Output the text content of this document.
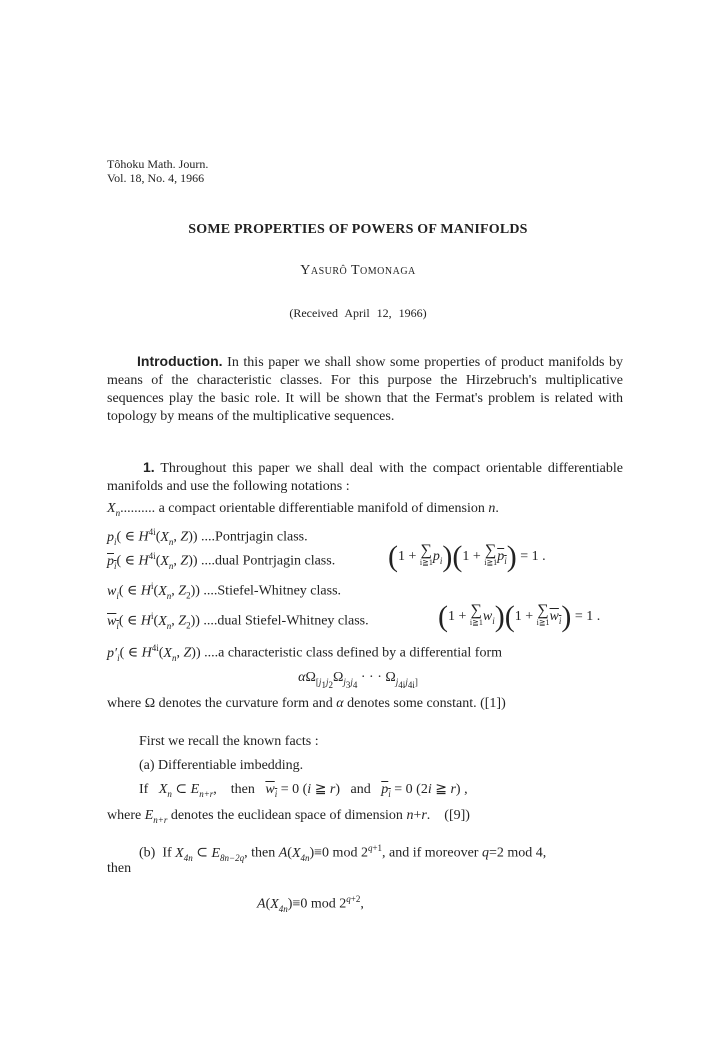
Tôhoku Math. Journ.
Vol. 18, No. 4, 1966
SOME PROPERTIES OF POWERS OF MANIFOLDS
Yasurô Tomonaga
(Received April 12, 1966)
Introduction. In this paper we shall show some properties of product manifolds by means of the characteristic classes. For this purpose the Hirzebruch's multiplicative sequences play the basic role. It will be shown that the Fermat's problem is related with topology by means of the multiplicative sequences.
1. Throughout this paper we shall deal with the compact orientable differentiable manifolds and use the following notations :
$X_n$.......... a compact orientable differentiable manifold of dimension n.
$p_i$( ∈ $H^{4i}(X_n$, Z)) ....Pontrjagin class.
$p_i$( ∈ $H^{4i}(X_n$, Z)) ....dual Pontrjagin class. (1 + ∑
i≧1 $p_i)(1$ + ∑
i≧1 $p_i) = 1$ .
$w_i$( ∈ $H^i(X_n$, $Z_2$)) ....Stiefel-Whitney class.
$w_i$( ∈ $H^i(X_n$, $Z_2$)) ....dual Stiefel-Whitney class. (1 + ∑
i≧1 $w_i)(1$ + ∑
i≧1 $w_i) = 1$ .
$p'_i$( ∈ $H^{4i}(X_n$, Z)) ....a characteristic class defined by a differential form
$\alpha\Omega_{[j_1j_2}\Omega_{j_3j_4}$ · · · $\Omega_{j_{4i}j_{4i}]}$
where Ω denotes the curvature form and α denotes some constant. ([1])
First we recall the known facts :
(a) Differentiable imbedding.
If   $X_n$ ⊂ $E_{n+r}$,    then   $w_i = 0$ (i ≧ r)   and   $p_i = 0$ (2i ≧ r) ,
where $E_{n+r}$ denotes the euclidean space of dimension n+r.    ([9])
(b)  If $X_{4n}$ ⊂ $E_{8n-2q}$, then $A(X_{4n})\equiv 0$ mod $2^{q+1}$, and if moreover q=2 mod 4,
then
$A(X_{4n})\equiv 0$ mod $2^{q+2}$,
